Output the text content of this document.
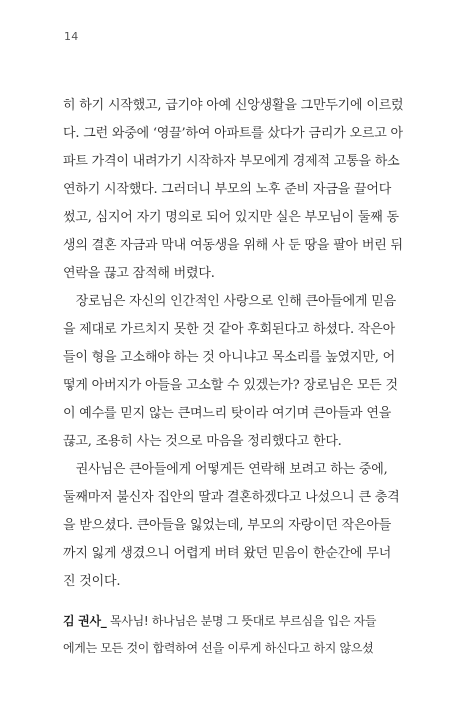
14
히 하기 시작했고, 급기야 아예 신앙생활을 그만두기에 이르렀
다. 그런 와중에 ‘영끌’하여 아파트를 샀다가 금리가 오르고 아
파트 가격이 내려가기 시작하자 부모에게 경제적 고통을 하소
연하기 시작했다. 그러더니 부모의 노후 준비 자금을 끌어다
썼고, 심지어 자기 명의로 되어 있지만 실은 부모님이 둘째 동
생의 결혼 자금과 막내 여동생을 위해 사 둔 땅을 팔아 버린 뒤
연락을 끊고 잠적해 버렸다.
　장로님은 자신의 인간적인 사랑으로 인해 큰아들에게 믿음
을 제대로 가르치지 못한 것 같아 후회된다고 하셨다. 작은아
들이 형을 고소해야 하는 것 아니냐고 목소리를 높였지만, 어
떻게 아버지가 아들을 고소할 수 있겠는가? 장로님은 모든 것
이 예수를 믿지 않는 큰며느리 탓이라 여기며 큰아들과 연을
끊고, 조용히 사는 것으로 마음을 정리했다고 한다.
　권사님은 큰아들에게 어떻게든 연락해 보려고 하는 중에,
둘째마저 불신자 집안의 딸과 결혼하겠다고 나섰으니 큰 충격
을 받으셨다. 큰아들을 잃었는데, 부모의 자랑이던 작은아들
까지 잃게 생겼으니 어렵게 버텨 왔던 믿음이 한순간에 무너
진 것이다.
김 권사_ 목사님! 하나님은 분명 그 뜻대로 부르심을 입은 자들
에게는 모든 것이 합력하여 선을 이루게 하신다고 하지 않으셨
